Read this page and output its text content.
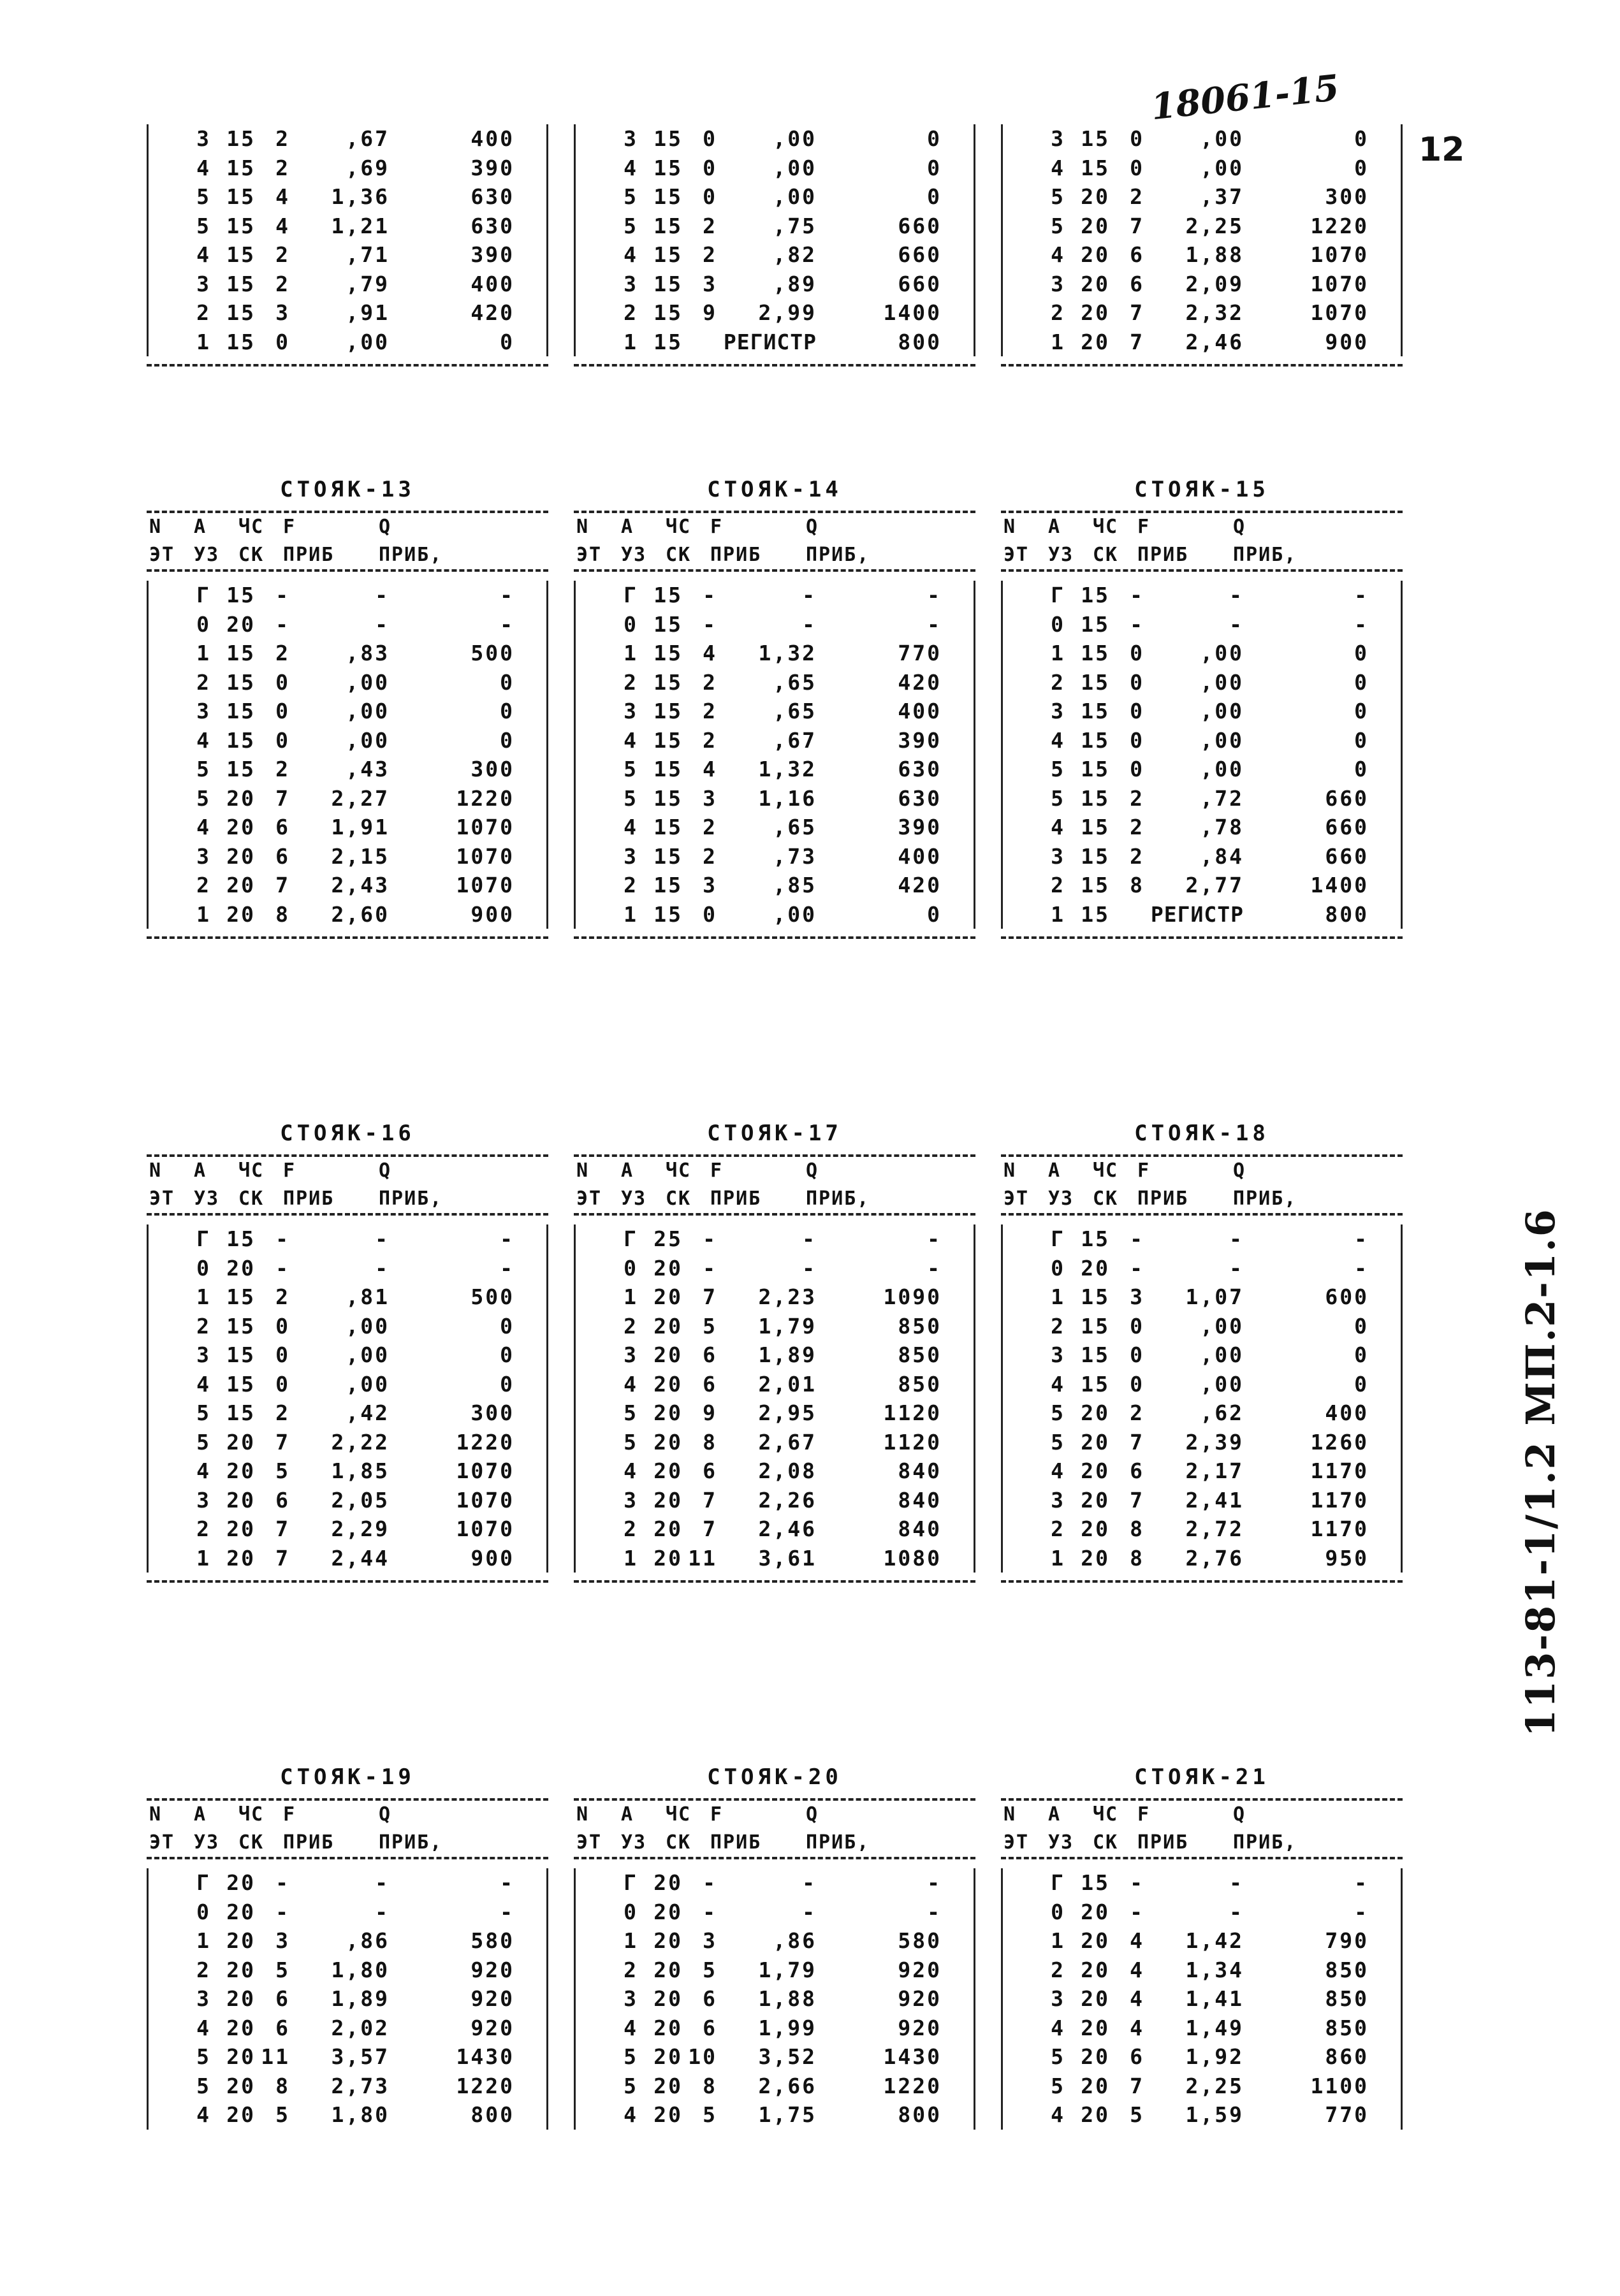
18061-15
12
113-81-1/1.2 МП.2-1.6
3 15 2	,67	400
4 15 2	,69	390
5 15 4	1,36	630
5 15 4	1,21	630
4 15 2	,71	390
3 15 2	,79	400
2 15 3	,91	420
1 15 0	,00	0
3 15 0	,00	0
4 15 0	,00	0
5 15 0	,00	0
5 15 2	,75	660
4 15 2	,82	660
3 15 3	,89	660
2 15 9	2,99	1400
1 15 РЕГИСТР	800
3 15 0	,00	0
4 15 0	,00	0
5 20 2	,37	300
5 20 7	2,25	1220
4 20 6	1,88	1070
3 20 6	2,09	1070
2 20 7	2,32	1070
1 20 7	2,46	900
СТОЯК-13
N	А	ЧС F	Q
ЭТ УЗ СК ПРИБ	ПРИБ,
Г 15 -	-	-
0 20 -	-	-
1 15 2	,83	500
2 15 0	,00	0
3 15 0	,00	0
4 15 0	,00	0
5 15 2	,43	300
5 20 7	2,27	1220
4 20 6	1,91	1070
3 20 6	2,15	1070
2 20 7	2,43	1070
1 20 8	2,60	900
СТОЯК-14
N	А	ЧС F	Q
ЭТ УЗ СК ПРИБ	ПРИБ,
Г 15 -	-	-
0 15 -	-	-
1 15 4	1,32	770
2 15 2	,65	420
3 15 2	,65	400
4 15 2	,67	390
5 15 4	1,32	630
5 15 3	1,16	630
4 15 2	,65	390
3 15 2	,73	400
2 15 3	,85	420
1 15 0	,00	0
СТОЯК-15
N	А	ЧС F	Q
ЭТ УЗ СК ПРИБ	ПРИБ,
Г 15 -	-	-
0 15 -	-	-
1 15 0	,00	0
2 15 0	,00	0
3 15 0	,00	0
4 15 0	,00	0
5 15 0	,00	0
5 15 2	,72	660
4 15 2	,78	660
3 15 2	,84	660
2 15 8	2,77	1400
1 15 РЕГИСТР	800
СТОЯК-16
N	А	ЧС F	Q
ЭТ УЗ СК ПРИБ	ПРИБ,
Г 15 -	-	-
0 20 -	-	-
1 15 2	,81	500
2 15 0	,00	0
3 15 0	,00	0
4 15 0	,00	0
5 15 2	,42	300
5 20 7	2,22	1220
4 20 5	1,85	1070
3 20 6	2,05	1070
2 20 7	2,29	1070
1 20 7	2,44	900
СТОЯК-17
N	А	ЧС F	Q
ЭТ УЗ СК ПРИБ	ПРИБ,
Г 25 -	-	-
0 20 -	-	-
1 20 7	2,23	1090
2 20 5	1,79	850
3 20 6	1,89	850
4 20 6	2,01	850
5 20 9	2,95	1120
5 20 8	2,67	1120
4 20 6	2,08	840
3 20 7	2,26	840
2 20 7	2,46	840
1 20 11	3,61	1080
СТОЯК-18
N	А	ЧС F	Q
ЭТ УЗ СК ПРИБ	ПРИБ,
Г 15 -	-	-
0 20 -	-	-
1 15 3	1,07	600
2 15 0	,00	0
3 15 0	,00	0
4 15 0	,00	0
5 20 2	,62	400
5 20 7	2,39	1260
4 20 6	2,17	1170
3 20 7	2,41	1170
2 20 8	2,72	1170
1 20 8	2,76	950
СТОЯК-19
N	А	ЧС F	Q
ЭТ УЗ СК ПРИБ	ПРИБ,
Г 20 -	-	-
0 20 -	-	-
1 20 3	,86	580
2 20 5	1,80	920
3 20 6	1,89	920
4 20 6	2,02	920
5 20 11	3,57	1430
5 20 8	2,73	1220
4 20 5	1,80	800
СТОЯК-20
N	А	ЧС F	Q
ЭТ УЗ СК ПРИБ	ПРИБ,
Г 20 -	-	-
0 20 -	-	-
1 20 3	,86	580
2 20 5	1,79	920
3 20 6	1,88	920
4 20 6	1,99	920
5 20 10	3,52	1430
5 20 8	2,66	1220
4 20 5	1,75	800
СТОЯК-21
N	А	ЧС F	Q
ЭТ УЗ СК ПРИБ	ПРИБ,
Г 15 -	-	-
0 20 -	-	-
1 20 4	1,42	790
2 20 4	1,34	850
3 20 4	1,41	850
4 20 4	1,49	850
5 20 6	1,92	860
5 20 7	2,25	1100
4 20 5	1,59	770
